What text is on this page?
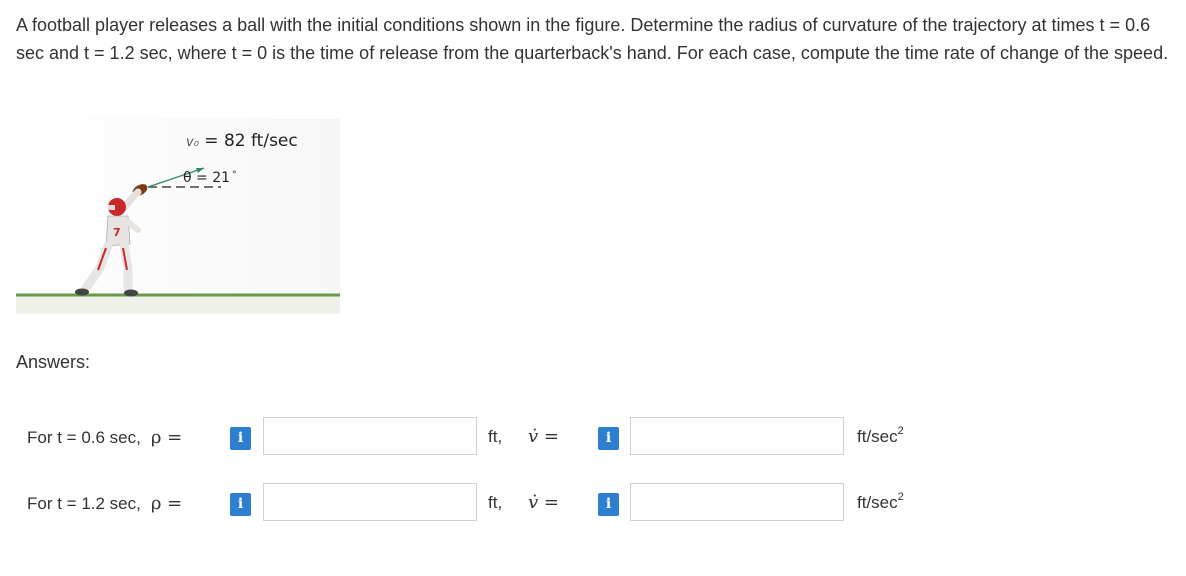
A football player releases a ball with the initial conditions shown in the figure. Determine the radius of curvature of the trajectory at times t = 0.6 sec and t = 1.2 sec, where t = 0 is the time of release from the quarterback's hand. For each case, compute the time rate of change of the speed.
7
v₀ = 82 ft/sec
θ = 21 °
Answers:
For t = 0.6 sec, ρ =	i	ft, v̇ =	i	$ft/\sec^2$
For t = 1.2 sec, ρ =	i	ft, v̇ =	i	$ft/\sec^2$
